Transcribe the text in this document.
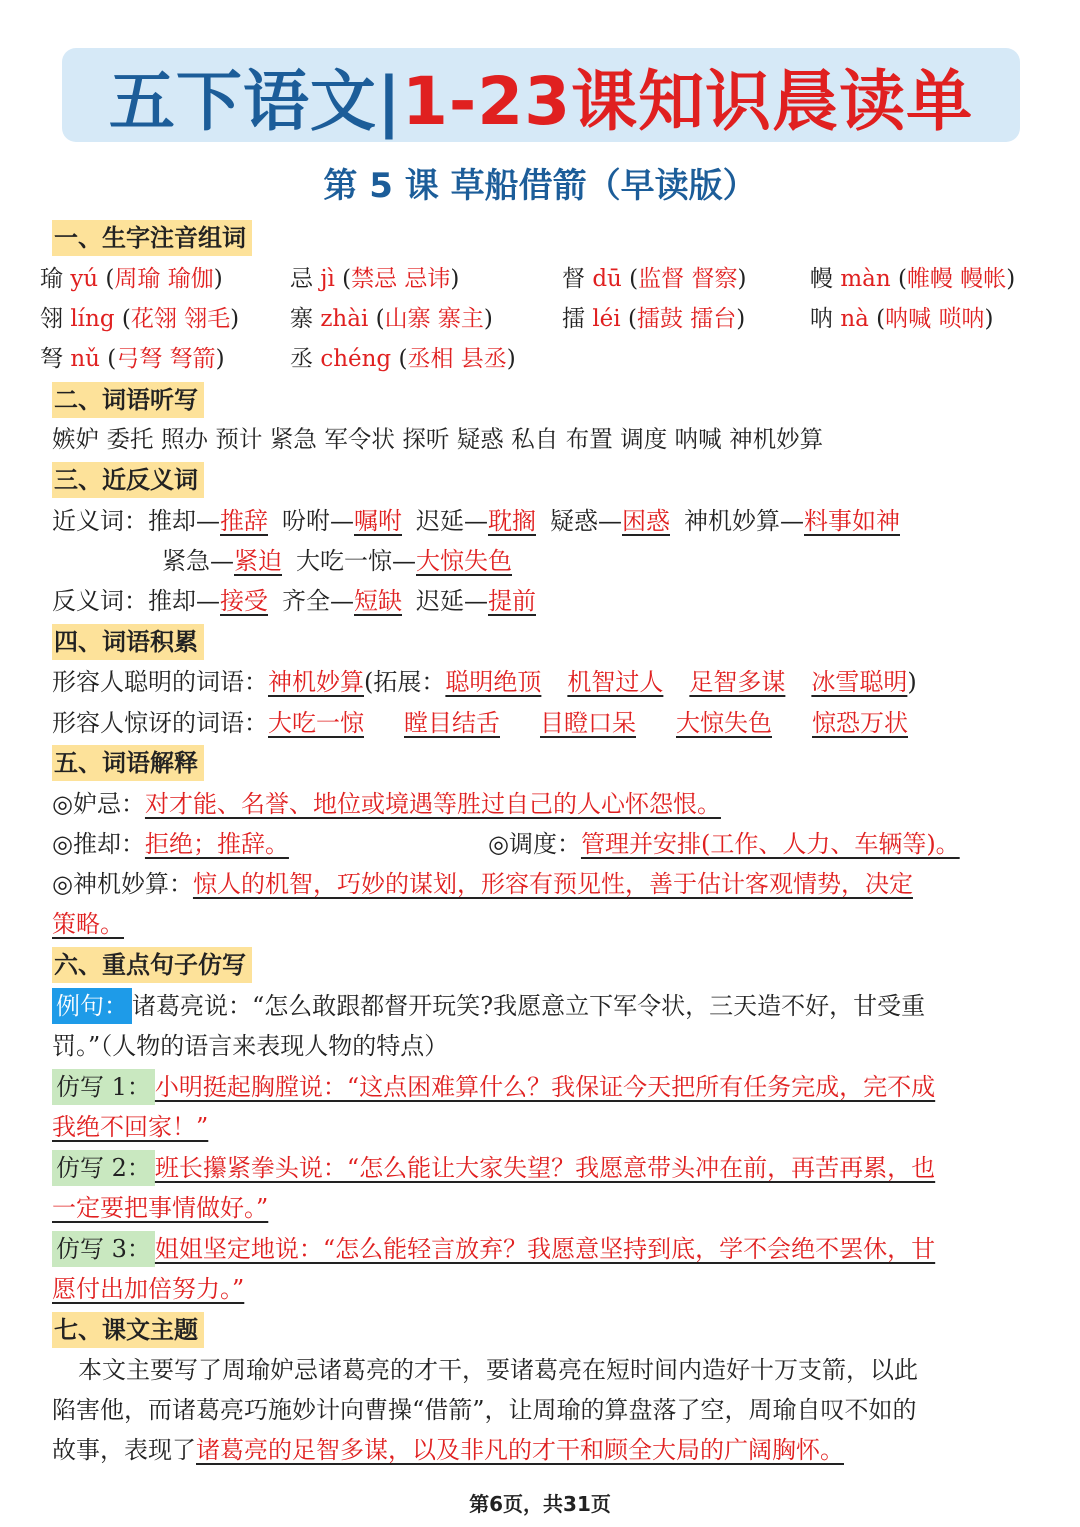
五下语文|1-23课知识晨读单
第 5 课 草船借箭（早读版）
一、生字注音组词
瑜 yú (周瑜 瑜伽)	忌 jì (禁忌 忌讳)	督 dū (监督 督察)	幔 màn (帷幔 幔帐)
翎 líng (花翎 翎毛) 寨 zhài (山寨 寨主)	擂 léi (擂鼓 擂台)	呐 nà (呐喊 唢呐)
弩 nǔ (弓弩 弩箭)	丞 chéng (丞相 县丞)
二、词语听写
嫉妒 委托 照办 预计 紧急 军令状 探听 疑惑 私自 布置 调度 呐喊 神机妙算
三、近反义词
近义词：推却—推辞 吩咐—嘱咐 迟延—耽搁 疑惑—困惑 神机妙算—料事如神
紧急—紧迫 大吃一惊—大惊失色
反义词：推却—接受 齐全—短缺 迟延—提前
四、词语积累
形容人聪明的词语：神机妙算(拓展：聪明绝顶 机智过人 足智多谋 冰雪聪明)
形容人惊讶的词语：大吃一惊 瞠目结舌 目瞪口呆 大惊失色 惊恐万状
五、词语解释
◎妒忌：对才能、名誉、地位或境遇等胜过自己的人心怀怨恨。
◎推却：拒绝；推辞。	◎调度：管理并安排(工作、人力、车辆等)。
◎神机妙算：惊人的机智，巧妙的谋划，形容有预见性，善于估计客观情势，决定
策略。
六、重点句子仿写
例句： 诸葛亮说：“怎么敢跟都督开玩笑?我愿意立下军令状，三天造不好，甘受重
罚。”（人物的语言来表现人物的特点）
仿写 1： 小明挺起胸膛说：“这点困难算什么？我保证今天把所有任务完成，完不成
我绝不回家！”
仿写 2： 班长攥紧拳头说：“怎么能让大家失望？我愿意带头冲在前，再苦再累，也
一定要把事情做好。”
仿写 3： 姐姐坚定地说：“怎么能轻言放弃？我愿意坚持到底，学不会绝不罢休，甘
愿付出加倍努力。”
七、课文主题
本文主要写了周瑜妒忌诸葛亮的才干，要诸葛亮在短时间内造好十万支箭，以此
陷害他，而诸葛亮巧施妙计向曹操“借箭”，让周瑜的算盘落了空，周瑜自叹不如的
故事，表现了诸葛亮的足智多谋，以及非凡的才干和顾全大局的广阔胸怀。
第6页，共31页
